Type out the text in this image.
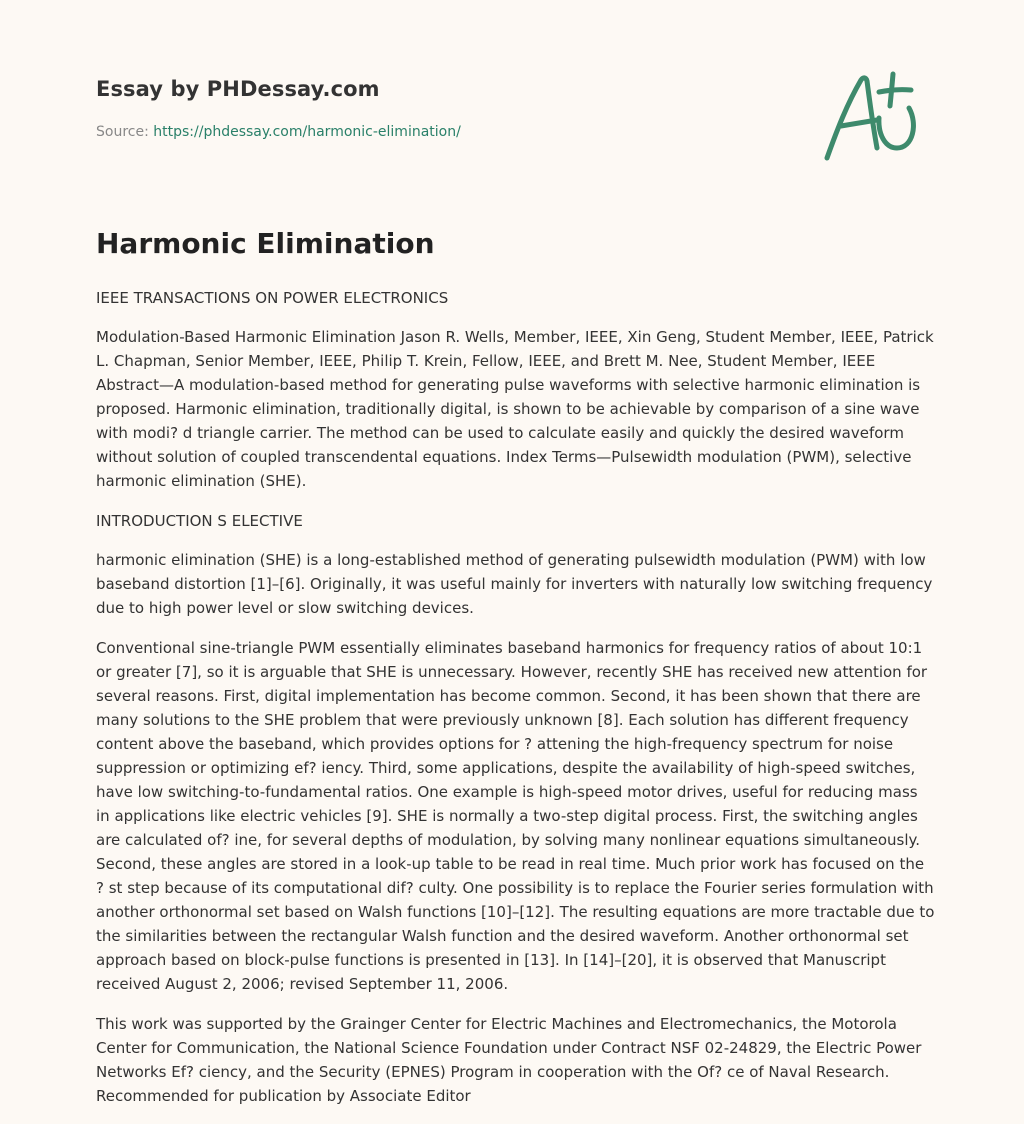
Essay by PHDessay.com
Source: https://phdessay.com/harmonic-elimination/
Harmonic Elimination

IEEE TRANSACTIONS ON POWER ELECTRONICS

Modulation-Based Harmonic Elimination Jason R. Wells, Member, IEEE, Xin Geng, Student Member, IEEE, Patrick L. Chapman, Senior Member, IEEE, Philip T. Krein, Fellow, IEEE, and Brett M. Nee, Student Member, IEEE Abstract—A modulation-based method for generating pulse waveforms with selective harmonic elimination is proposed. Harmonic elimination, traditionally digital, is shown to be achievable by comparison of a sine wave with modi? d triangle carrier. The method can be used to calculate easily and quickly the desired waveform without solution of coupled transcendental equations. Index Terms—Pulsewidth modulation (PWM), selective harmonic elimination (SHE).

INTRODUCTION S ELECTIVE

harmonic elimination (SHE) is a long-established method of generating pulsewidth modulation (PWM) with low baseband distortion [1]–[6]. Originally, it was useful mainly for inverters with naturally low switching frequency due to high power level or slow switching devices.

Conventional sine-triangle PWM essentially eliminates baseband harmonics for frequency ratios of about 10:1 or greater [7], so it is arguable that SHE is unnecessary. However, recently SHE has received new attention for several reasons. First, digital implementation has become common. Second, it has been shown that there are many solutions to the SHE problem that were previously unknown [8]. Each solution has different frequency content above the baseband, which provides options for ? attening the high-frequency spectrum for noise suppression or optimizing ef? iency. Third, some applications, despite the availability of high-speed switches, have low switching-to-fundamental ratios. One example is high-speed motor drives, useful for reducing mass in applications like electric vehicles [9]. SHE is normally a two-step digital process. First, the switching angles are calculated of? ine, for several depths of modulation, by solving many nonlinear equations simultaneously. Second, these angles are stored in a look-up table to be read in real time. Much prior work has focused on the ? st step because of its computational dif? culty. One possibility is to replace the Fourier series formulation with another orthonormal set based on Walsh functions [10]–[12]. The resulting equations are more tractable due to the similarities between the rectangular Walsh function and the desired waveform. Another orthonormal set approach based on block-pulse functions is presented in [13]. In [14]–[20], it is observed that Manuscript received August 2, 2006; revised September 11, 2006.

This work was supported by the Grainger Center for Electric Machines and Electromechanics, the Motorola Center for Communication, the National Science Foundation under Contract NSF 02-24829, the Electric Power Networks Ef? ciency, and the Security (EPNES) Program in cooperation with the Of? ce of Naval Research. Recommended for publication by Associate Editor
